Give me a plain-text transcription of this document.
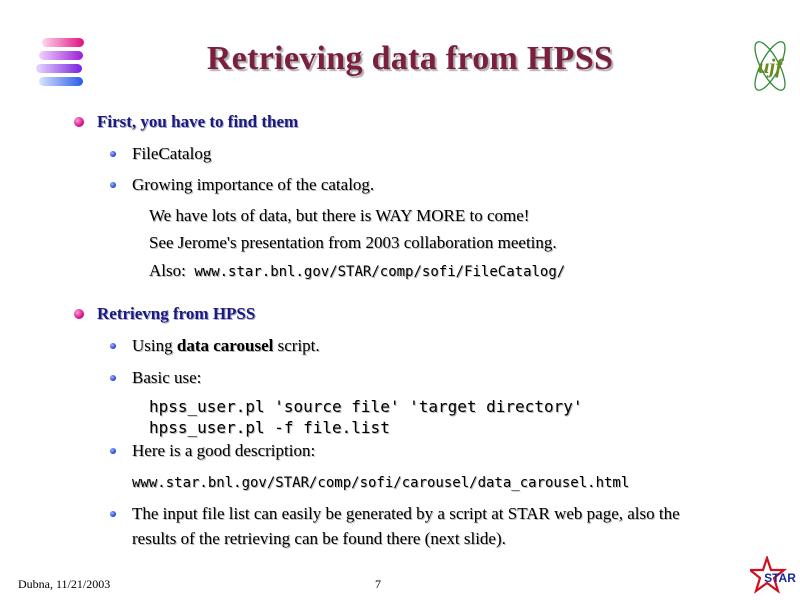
Retrieving data from HPSS	ujf
First, you have to find them
FileCatalog
Growing importance of the catalog.
We have lots of data, but there is WAY MORE to come!
See Jerome's presentation from 2003 collaboration meeting.
Also: www.star.bnl.gov/STAR/comp/sofi/FileCatalog/
Retrievng from HPSS
Using data carousel script.
Basic use:
hpss_user.pl 'source file' 'target directory'
hpss_user.pl -f file.list
Here is a good description:
www.star.bnl.gov/STAR/comp/sofi/carousel/data_carousel.html
The input file list can easily be generated by a script at STAR web page, also the
results of the retrieving can be found there (next slide).
Dubna, 11/21/2003	7	STAR
